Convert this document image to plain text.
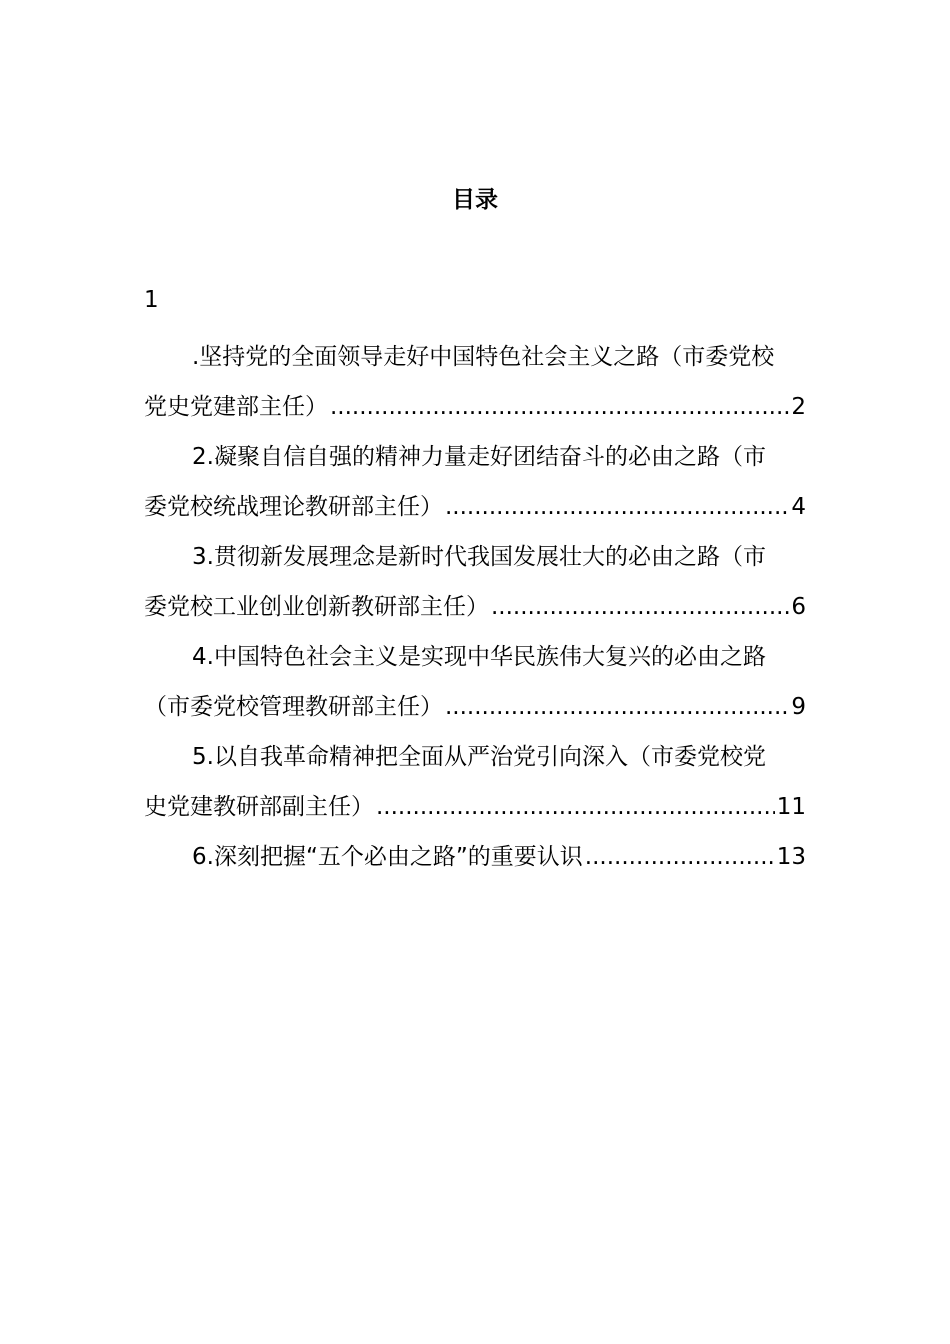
目录
1
.坚持党的全面领导走好中国特色社会主义之路（市委党校
党史党建部主任） .....	2
2.凝聚自信自强的精神力量走好团结奋斗的必由之路（市
委党校统战理论教研部主任） .....	4
3.贯彻新发展理念是新时代我国发展壮大的必由之路（市
委党校工业创业创新教研部主任） .....	6
4.中国特色社会主义是实现中华民族伟大复兴的必由之路
（市委党校管理教研部主任） .....	9
5.以自我革命精神把全面从严治党引向深入（市委党校党
史党建教研部副主任） .....	11
6.深刻把握“五个必由之路”的重要认识 .....	13
